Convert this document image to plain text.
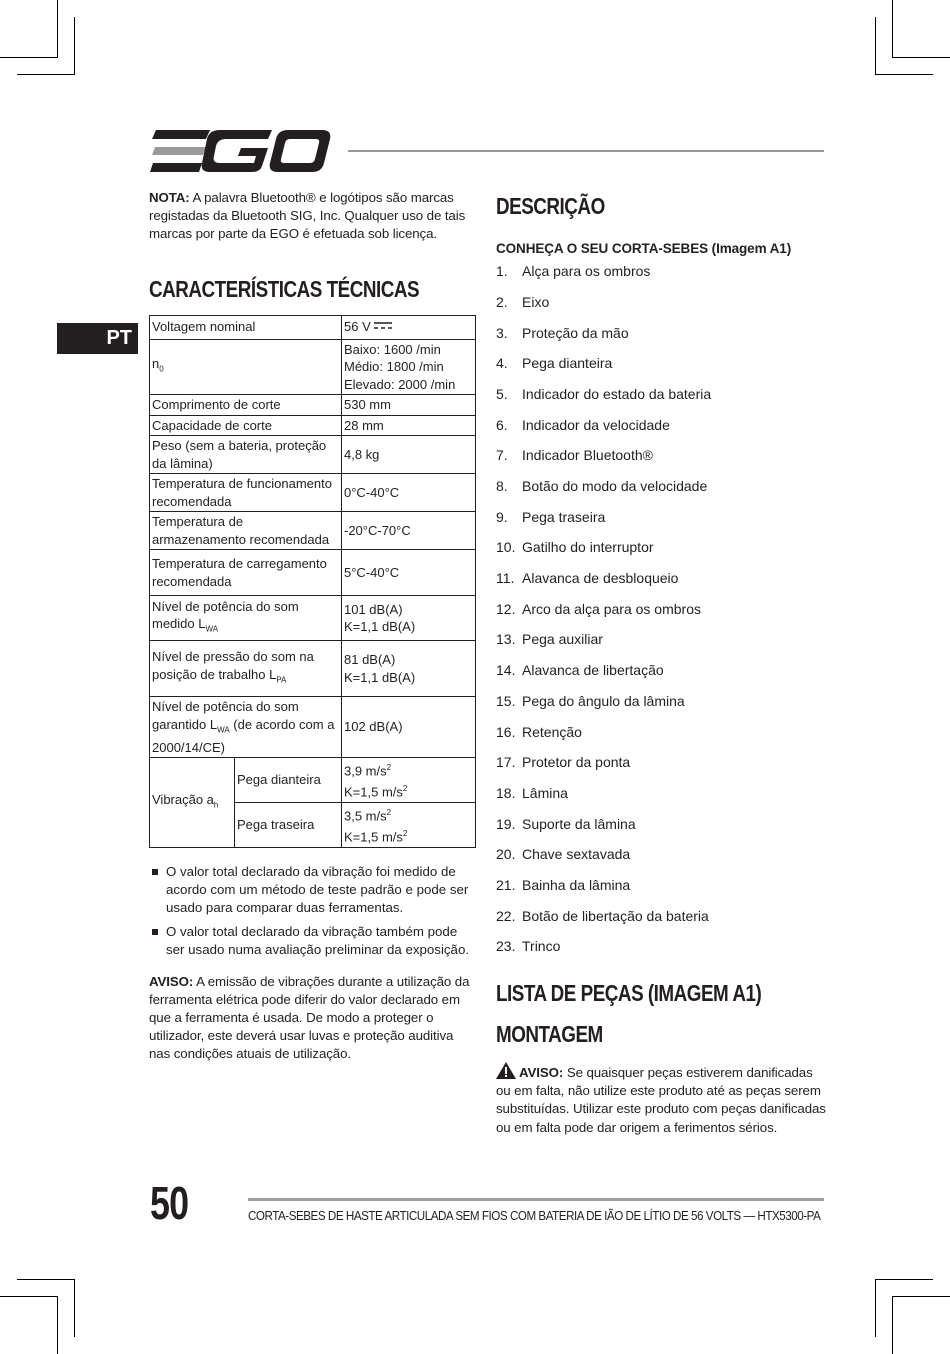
PT

NOTA: A palavra Bluetooth® e logótipos são marcas registadas da Bluetooth SIG, Inc. Qualquer uso de tais marcas por parte da EGO é efetuada sob licença.

CARACTERÍSTICAS TÉCNICAS
Voltagem nominal		56 V
$n_0$		Baixo: 1600 /min
Médio: 1800 /min
Elevado: 2000 /min

Comprimento de corte		530 mm
Capacidade de corte		28 mm
Peso (sem a bateria, proteção da lâmina)		4,8 kg
Temperatura de funcionamento recomendada		0°C-40°C
Temperatura de armazenamento recomendada		-20°C-70°C
Temperatura de carregamento recomendada		5°C-40°C
Nível de potência do som medido $L_{WA}$		101 dB(A)
K=1,1 dB(A)

Nível de pressão do som na posição de trabalho $L_{PA}$		81 dB(A)
K=1,1 dB(A)

Nível de potência do som garantido $L_{WA}$ (de acordo com a 2000/14/CE)		102 dB(A)
Vibração $a_h$	Pega dianteira	3,9 $m/s^2$
K=1,5 $m/s^2$

	Pega traseira	3,5 $m/s^2$
K=1,5 $m/s^2$
O valor total declarado da vibração foi medido de acordo com um método de teste padrão e pode ser usado para comparar duas ferramentas.
O valor total declarado da vibração também pode ser usado numa avaliação preliminar da exposição.

AVISO: A emissão de vibrações durante a utilização da ferramenta elétrica pode diferir do valor declarado em que a ferramenta é usada. De modo a proteger o utilizador, este deverá usar luvas e proteção auditiva nas condições atuais de utilização.

DESCRIÇÃO

CONHEÇA O SEU CORTA-SEBES (Imagem A1)

1. Alça para os ombros
2. Eixo
3. Proteção da mão
4. Pega dianteira
5. Indicador do estado da bateria
6. Indicador da velocidade
7. Indicador Bluetooth®
8. Botão do modo da velocidade
9. Pega traseira
10. Gatilho do interruptor
11. Alavanca de desbloqueio
12. Arco da alça para os ombros
13. Pega auxiliar
14. Alavanca de libertação
15. Pega do ângulo da lâmina
16. Retenção
17. Protetor da ponta
18. Lâmina
19. Suporte da lâmina
20. Chave sextavada
21. Bainha da lâmina
22. Botão de libertação da bateria
23. Trinco
LISTA DE PEÇAS (IMAGEM A1)
MONTAGEM

AVISO: Se quaisquer peças estiverem danificadas ou em falta, não utilize este produto até as peças serem substituídas. Utilizar este produto com peças danificadas ou em falta pode dar origem a ferimentos sérios.

50	CORTA-SEBES DE HASTE ARTICULADA SEM FIOS COM BATERIA DE IÃO DE LÍTIO DE 56 VOLTS — HTX5300-PA
